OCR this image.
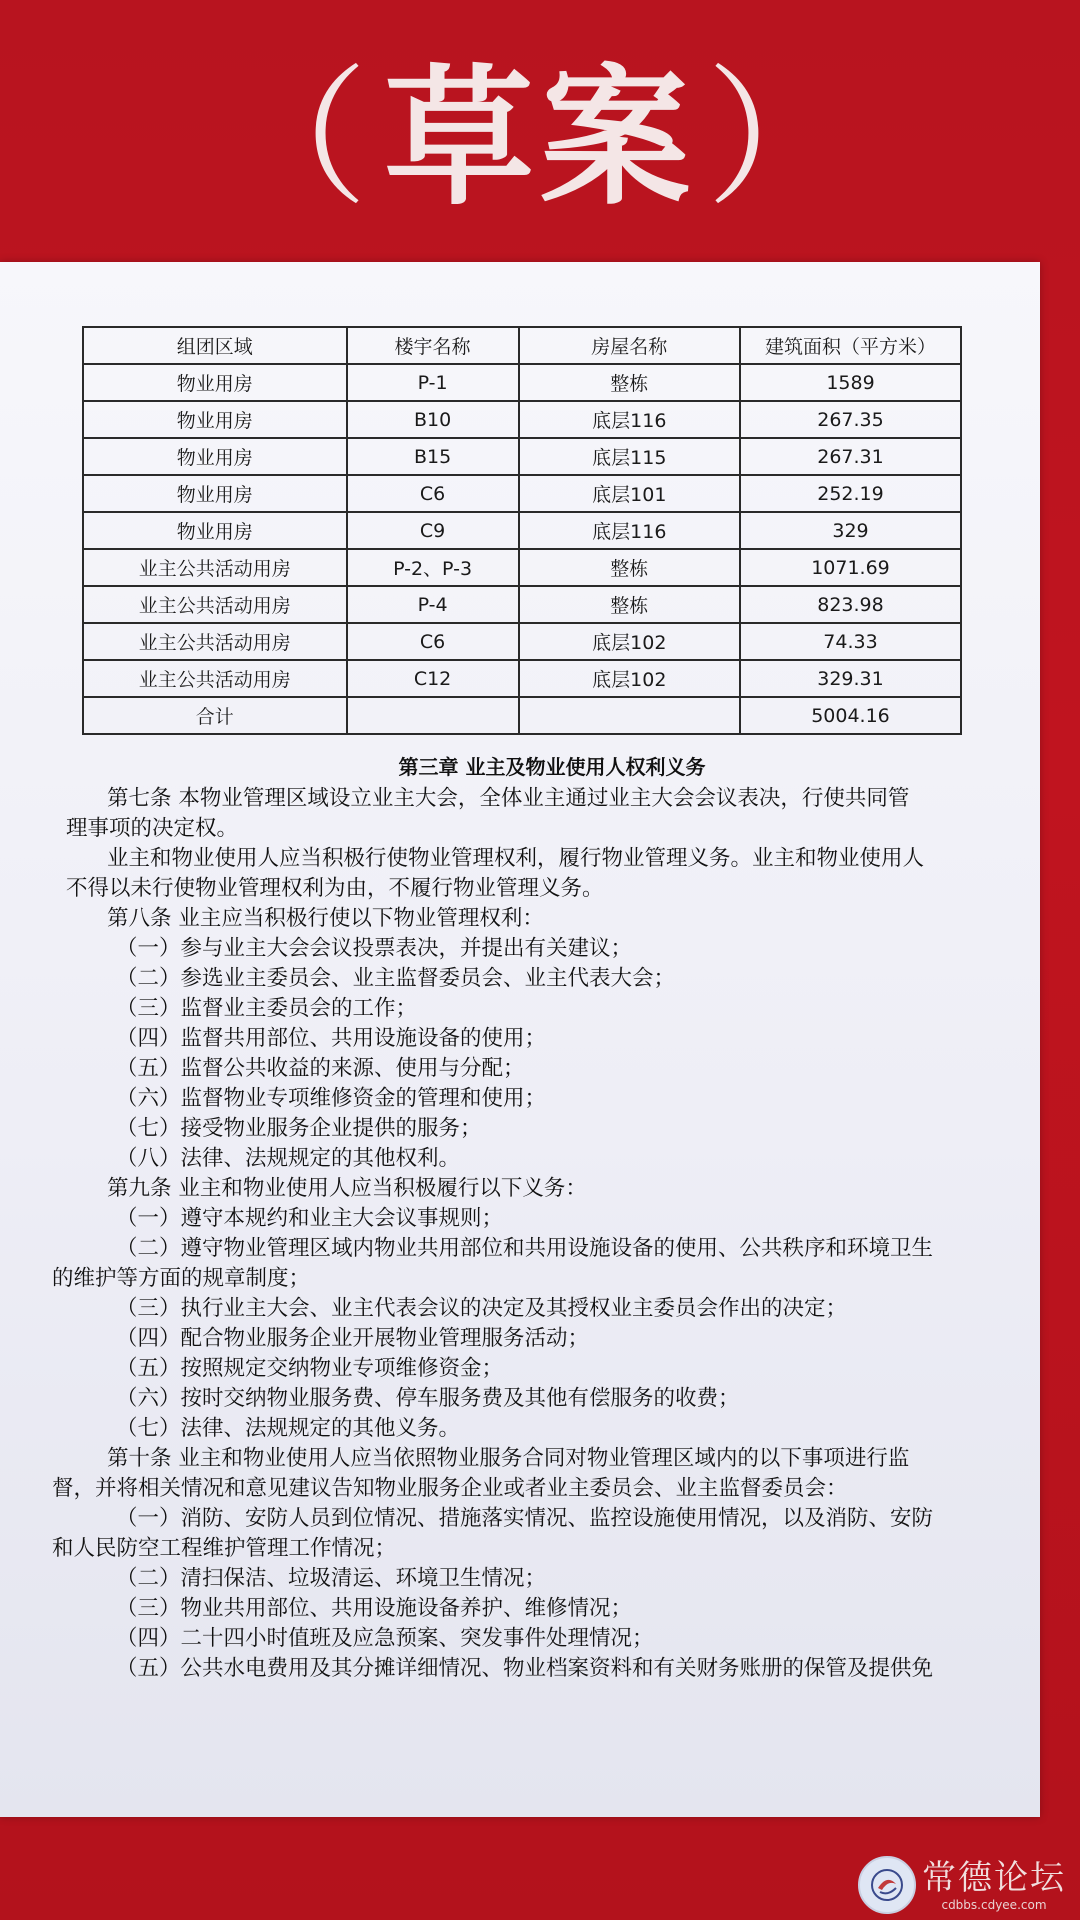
（ 草案 ）
组团区域	楼宇名称	房屋名称	建筑面积（平方米）
物业用房	P-1	整栋	1589
物业用房	B10	底层116	267.35
物业用房	B15	底层115	267.31
物业用房	C6	底层101	252.19
物业用房	C9	底层116	329
业主公共活动用房	P-2、P-3	整栋	1071.69
业主公共活动用房	P-4	整栋	823.98
业主公共活动用房	C6	底层102	74.33
业主公共活动用房	C12	底层102	329.31
合计			5004.16
第三章 业主及物业使用人权利义务
第七条 本物业管理区域设立业主大会，全体业主通过业主大会会议表决，行使共同管
理事项的决定权。
业主和物业使用人应当积极行使物业管理权利，履行物业管理义务。业主和物业使用人
不得以未行使物业管理权利为由，不履行物业管理义务。
第八条 业主应当积极行使以下物业管理权利：
（一）参与业主大会会议投票表决，并提出有关建议；
（二）参选业主委员会、业主监督委员会、业主代表大会；
（三）监督业主委员会的工作；
（四）监督共用部位、共用设施设备的使用；
（五）监督公共收益的来源、使用与分配；
（六）监督物业专项维修资金的管理和使用；
（七）接受物业服务企业提供的服务；
（八）法律、法规规定的其他权利。
第九条 业主和物业使用人应当积极履行以下义务：
（一）遵守本规约和业主大会议事规则；
（二）遵守物业管理区域内物业共用部位和共用设施设备的使用、公共秩序和环境卫生
的维护等方面的规章制度；
（三）执行业主大会、业主代表会议的决定及其授权业主委员会作出的决定；
（四）配合物业服务企业开展物业管理服务活动；
（五）按照规定交纳物业专项维修资金；
（六）按时交纳物业服务费、停车服务费及其他有偿服务的收费；
（七）法律、法规规定的其他义务。
第十条 业主和物业使用人应当依照物业服务合同对物业管理区域内的以下事项进行监
督，并将相关情况和意见建议告知物业服务企业或者业主委员会、业主监督委员会：
（一）消防、安防人员到位情况、措施落实情况、监控设施使用情况，以及消防、安防
和人民防空工程维护管理工作情况；
（二）清扫保洁、垃圾清运、环境卫生情况；
（三）物业共用部位、共用设施设备养护、维修情况；
（四）二十四小时值班及应急预案、突发事件处理情况；
（五）公共水电费用及其分摊详细情况、物业档案资料和有关财务账册的保管及提供免
常德论坛
cdbbs.cdyee.com
